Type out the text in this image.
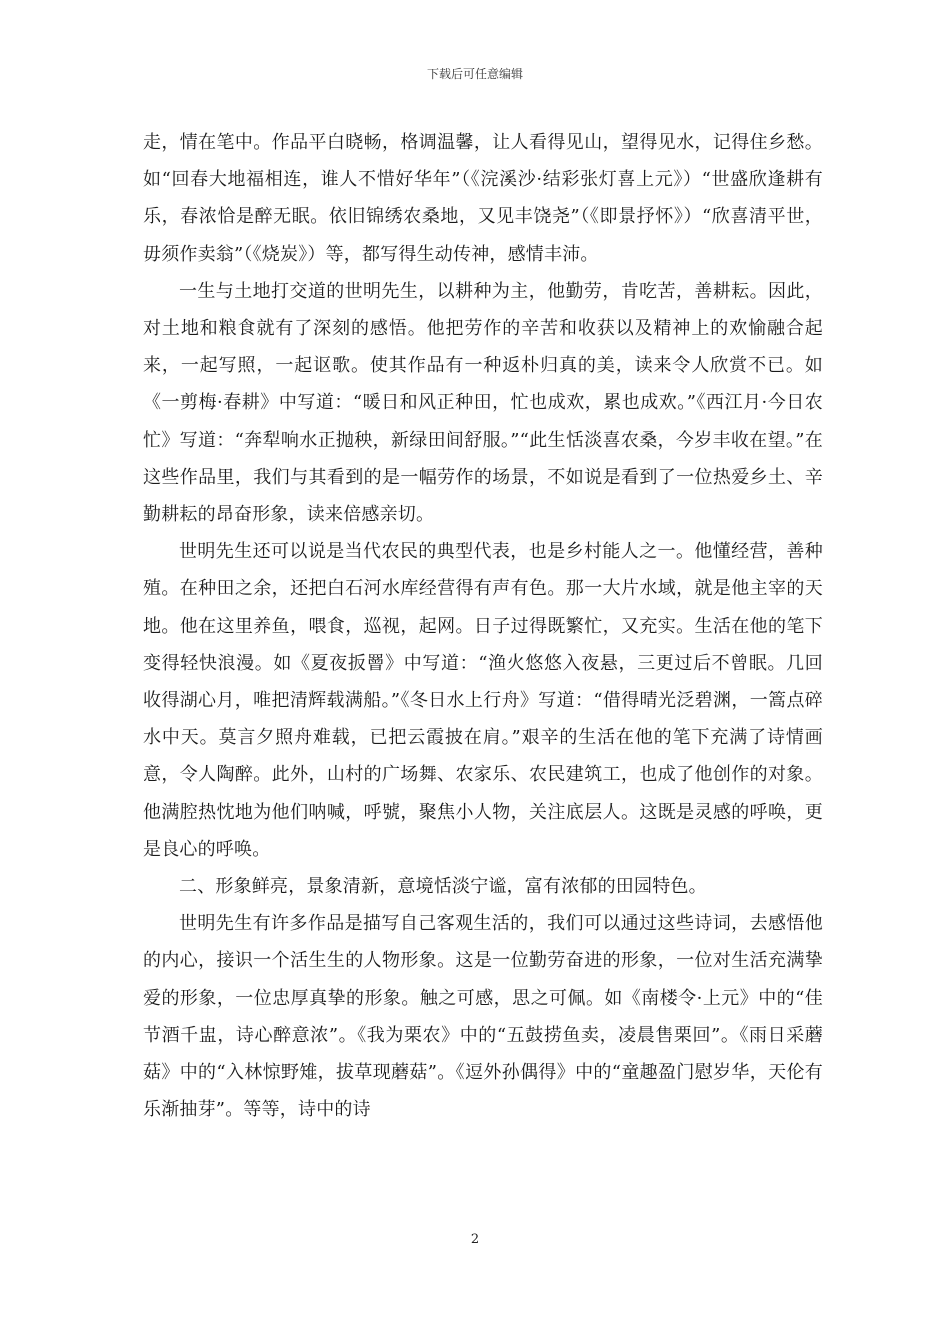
下载后可任意编辑

走，情在笔中。作品平白晓畅，格调温馨，让人看得见山，望得见水，记得住乡愁。如“回春大地福相连，谁人不惜好华年”（《浣溪沙·结彩张灯喜上元》）“世盛欣逢耕有乐，春浓恰是醉无眠。依旧锦绣农桑地，又见丰饶尧”（《即景抒怀》）“欣喜清平世，毋须作卖翁”（《烧炭》）等，都写得生动传神，感情丰沛。

一生与土地打交道的世明先生，以耕种为主，他勤劳，肯吃苦，善耕耘。因此，对土地和粮食就有了深刻的感悟。他把劳作的辛苦和收获以及精神上的欢愉融合起来，一起写照，一起讴歌。使其作品有一种返朴归真的美，读来令人欣赏不已。如《一剪梅·春耕》中写道：“暖日和风正种田，忙也成欢，累也成欢。”《西江月·今日农忙》写道：“奔犁响水正抛秧，新绿田间舒服。”“此生恬淡喜农桑，今岁丰收在望。”在这些作品里，我们与其看到的是一幅劳作的场景，不如说是看到了一位热爱乡土、辛勤耕耘的昂奋形象，读来倍感亲切。

世明先生还可以说是当代农民的典型代表，也是乡村能人之一。他懂经营，善种殖。在种田之余，还把白石河水库经营得有声有色。那一大片水域，就是他主宰的天地。他在这里养鱼，喂食，巡视，起网。日子过得既繁忙，又充实。生活在他的笔下变得轻快浪漫。如《夏夜扳罾》中写道：“渔火悠悠入夜悬，三更过后不曾眠。几回收得湖心月，唯把清辉载满船。”《冬日水上行舟》写道：“借得晴光泛碧渊，一篙点碎水中天。莫言夕照舟难载，已把云霞披在肩。”艰辛的生活在他的笔下充满了诗情画意，令人陶醉。此外，山村的广场舞、农家乐、农民建筑工，也成了他创作的对象。他满腔热忱地为他们呐喊，呼號，聚焦小人物，关注底层人。这既是灵感的呼唤，更是良心的呼唤。

二、形象鲜亮，景象清新，意境恬淡宁谧，富有浓郁的田园特色。

世明先生有许多作品是描写自己客观生活的，我们可以通过这些诗词，去感悟他的内心，接识一个活生生的人物形象。这是一位勤劳奋进的形象，一位对生活充满挚爱的形象，一位忠厚真挚的形象。触之可感，思之可佩。如《南楼令·上元》中的“佳节酒千盅，诗心醉意浓”。《我为栗农》中的“五鼓捞鱼卖，凌晨售栗回”。《雨日采蘑菇》中的“入林惊野雉，拔草现蘑菇”。《逗外孙偶得》中的“童趣盈门慰岁华，天伦有乐渐抽芽”。等等，诗中的诗

2
